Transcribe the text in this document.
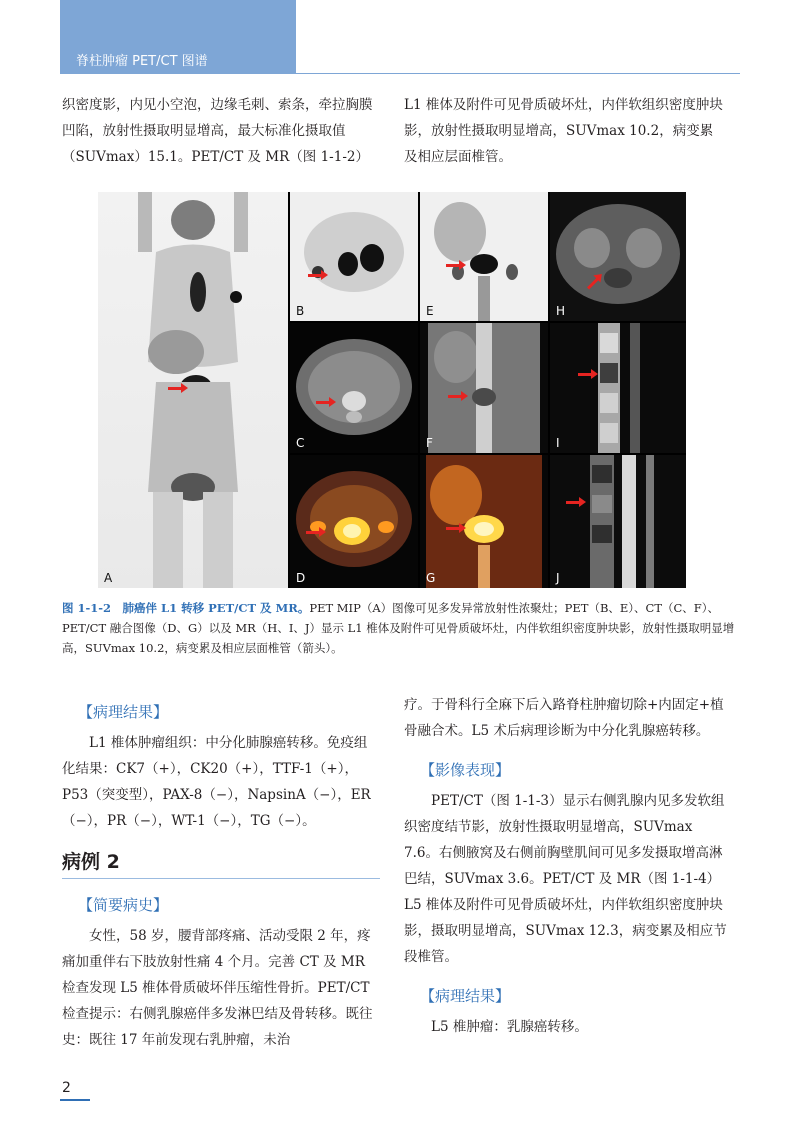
脊柱肿瘤 PET/CT 图谱

织密度影，内见小空泡，边缘毛刺、索条，牵拉胸膜凹陷，放射性摄取明显增高，最大标准化摄取值（SUVmax）15.1。PET/CT 及 MR（图 1-1-2）

L1 椎体及附件可见骨质破坏灶，内伴软组织密度肿块影，放射性摄取明显增高，SUVmax 10.2，病变累及相应层面椎管。

A
B
C
D
E
F
G
H
I
J
图 1-1-2　肺癌伴 L1 转移 PET/CT 及 MR。PET MIP（A）图像可见多发异常放射性浓聚灶；PET（B、E）、CT（C、F）、PET/CT 融合图像（D、G）以及 MR（H、I、J）显示 L1 椎体及附件可见骨质破坏灶，内伴软组织密度肿块影，放射性摄取明显增高，SUVmax 10.2，病变累及相应层面椎管（箭头）。
【病理结果】

L1 椎体肿瘤组织：中分化肺腺癌转移。免疫组化结果：CK7（+），CK20（+），TTF-1（+），P53（突变型），PAX-8（−），NapsinA（−），ER（−），PR（−），WT-1（−），TG（−）。

病例 2
【简要病史】

女性，58 岁，腰背部疼痛、活动受限 2 年，疼痛加重伴右下肢放射性痛 4 个月。完善 CT 及 MR 检查发现 L5 椎体骨质破坏伴压缩性骨折。PET/CT 检查提示：右侧乳腺癌伴多发淋巴结及骨转移。既往史：既往 17 年前发现右乳肿瘤，未治

疗。于骨科行全麻下后入路脊柱肿瘤切除+内固定+植骨融合术。L5 术后病理诊断为中分化乳腺癌转移。

【影像表现】

PET/CT（图 1-1-3）显示右侧乳腺内见多发软组织密度结节影，放射性摄取明显增高，SUVmax 7.6。右侧腋窝及右侧前胸壁肌间可见多发摄取增高淋巴结，SUVmax 3.6。PET/CT 及 MR（图 1-1-4）L5 椎体及附件可见骨质破坏灶，内伴软组织密度肿块影，摄取明显增高，SUVmax 12.3，病变累及相应节段椎管。

【病理结果】

L5 椎肿瘤：乳腺癌转移。

2
